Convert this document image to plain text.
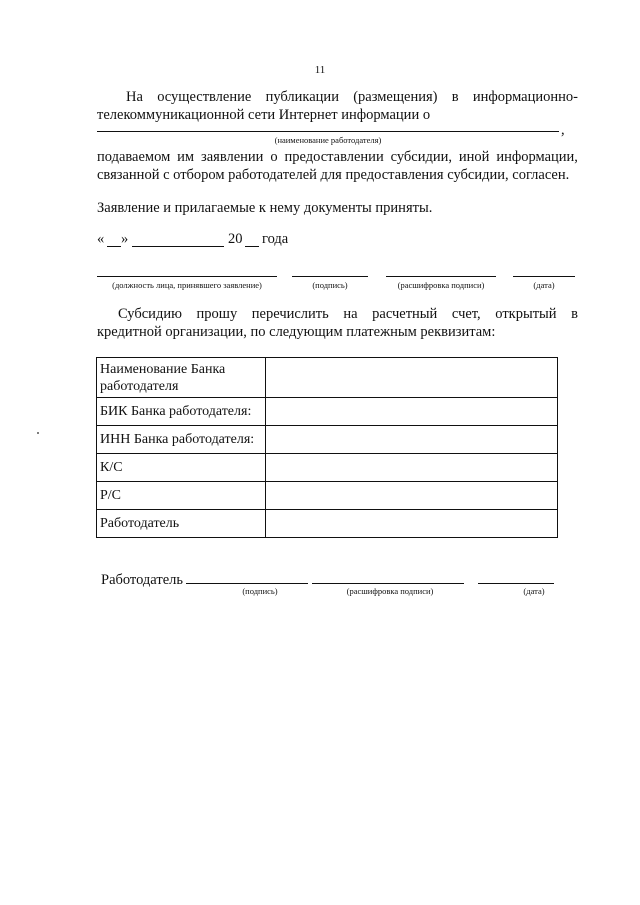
11
На осуществление публикации (размещения) в информационно-
телекоммуникационной сети Интернет информации о
,
(наименование работодателя)
подаваемом им заявлении о предоставлении субсидии, иной информации,
связанной с отбором работодателей для предоставления субсидии, согласен.
Заявление и прилагаемые к нему документы приняты.
« »	20 года
(должность лица, принявшего заявление)	(подпись)	(расшифровка подписи)	(дата)
Субсидию прошу перечислить на расчетный счет, открытый в
кредитной организации, по следующим платежным реквизитам:
Наименование Банка
работодателя	

БИК Банка работодателя:	
ИНН Банка работодателя:	
К/С	
Р/С	
Работодатель	
Работодатель
(подпись)	(расшифровка подписи)	(дата)
